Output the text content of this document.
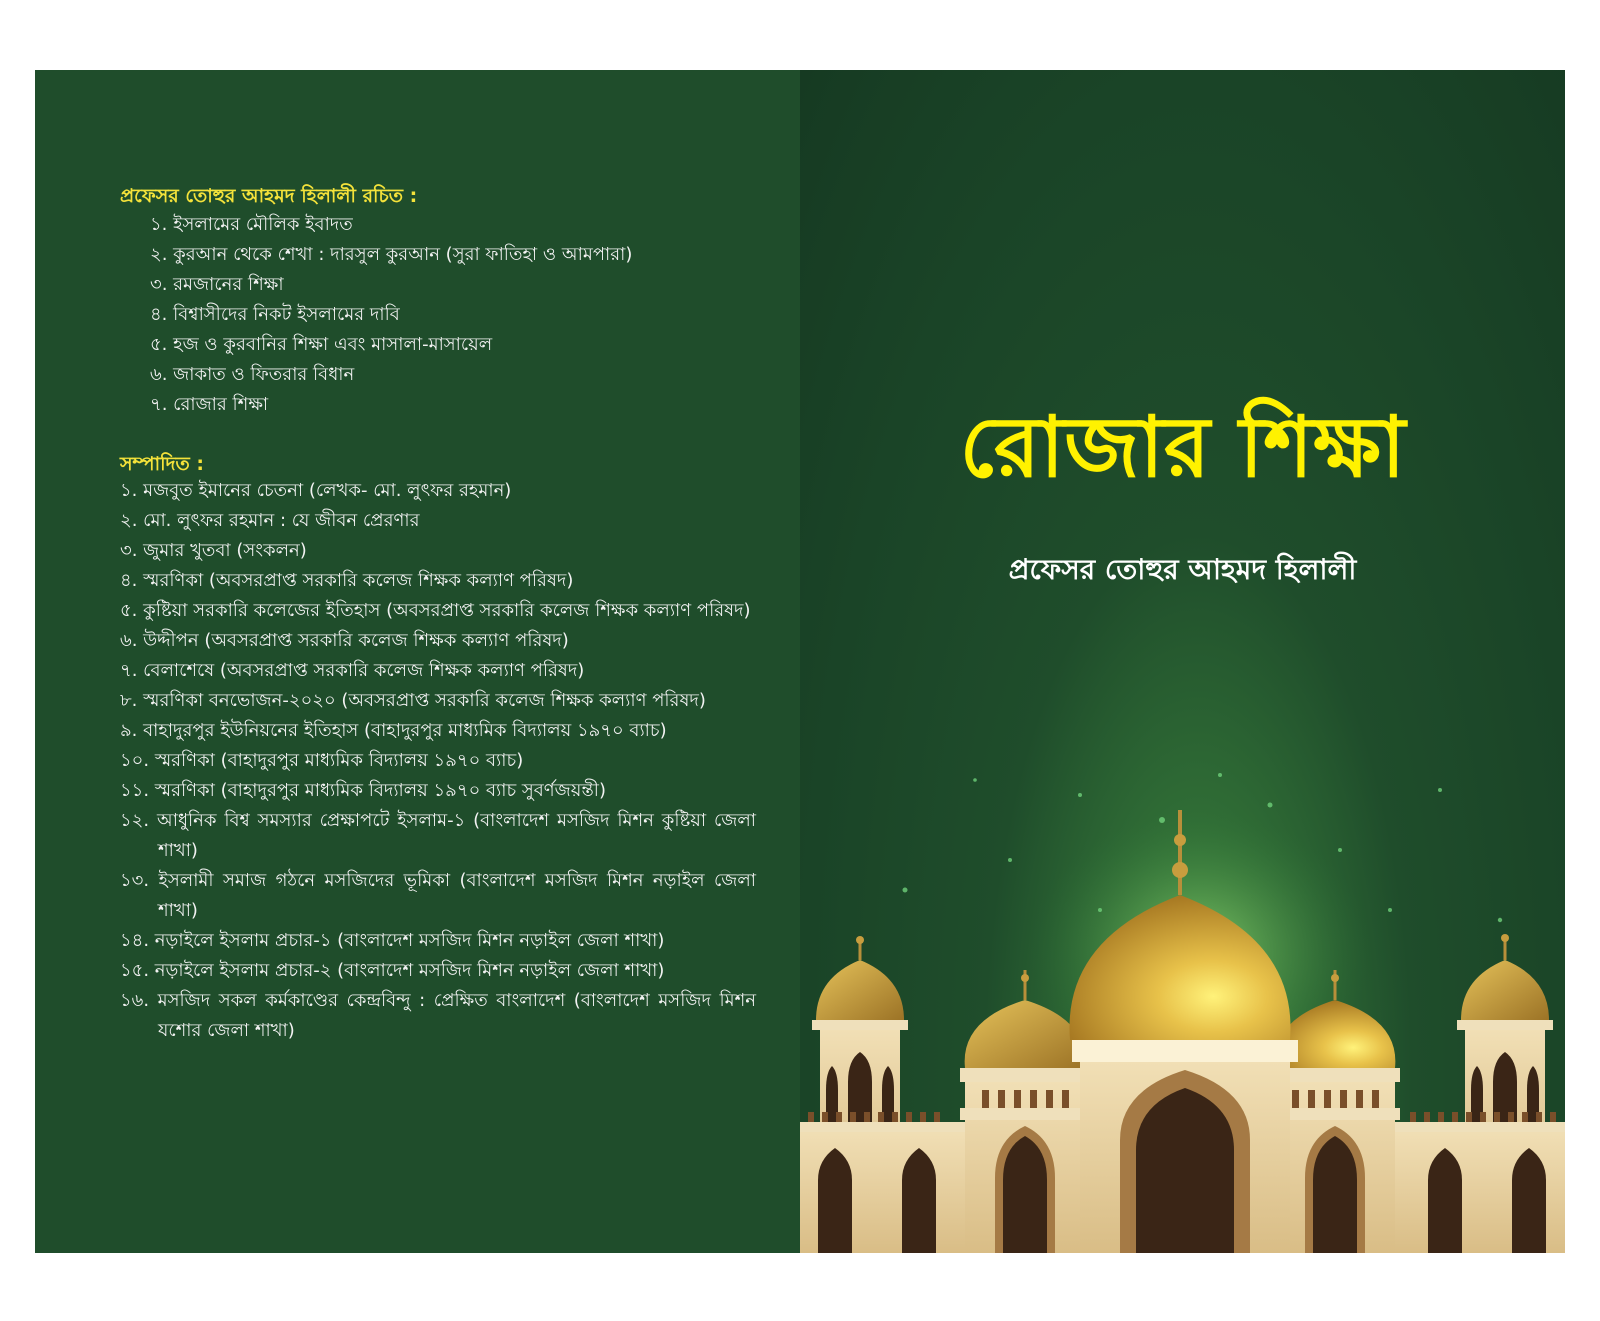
প্রফেসর তোহুর আহমদ হিলালী রচিত :
১. ইসলামের মৌলিক ইবাদত
২. কুরআন থেকে শেখা : দারসুল কুরআন (সুরা ফাতিহা ও আমপারা)
৩. রমজানের শিক্ষা
৪. বিশ্বাসীদের নিকট ইসলামের দাবি
৫. হজ ও কুরবানির শিক্ষা এবং মাসালা-মাসায়েল
৬. জাকাত ও ফিতরার বিধান
৭. রোজার শিক্ষা
সম্পাদিত :
১. মজবুত ইমানের চেতনা (লেখক- মো. লুৎফর রহমান)
২. মো. লুৎফর রহমান : যে জীবন প্রেরণার
৩. জুমার খুতবা (সংকলন)
৪. স্মরণিকা (অবসরপ্রাপ্ত সরকারি কলেজ শিক্ষক কল্যাণ পরিষদ)
৫. কুষ্টিয়া সরকারি কলেজের ইতিহাস (অবসরপ্রাপ্ত সরকারি কলেজ শিক্ষক কল্যাণ পরিষদ)
৬. উদ্দীপন (অবসরপ্রাপ্ত সরকারি কলেজ শিক্ষক কল্যাণ পরিষদ)
৭. বেলাশেষে (অবসরপ্রাপ্ত সরকারি কলেজ শিক্ষক কল্যাণ পরিষদ)
৮. স্মরণিকা বনভোজন-২০২০ (অবসরপ্রাপ্ত সরকারি কলেজ শিক্ষক কল্যাণ পরিষদ)
৯. বাহাদুরপুর ইউনিয়নের ইতিহাস (বাহাদুরপুর মাধ্যমিক বিদ্যালয় ১৯৭০ ব্যাচ)
১০. স্মরণিকা (বাহাদুরপুর মাধ্যমিক বিদ্যালয় ১৯৭০ ব্যাচ)
১১. স্মরণিকা (বাহাদুরপুর মাধ্যমিক বিদ্যালয় ১৯৭০ ব্যাচ সুবর্ণজয়ন্তী)
১২. আধুনিক বিশ্ব সমস্যার প্রেক্ষাপটে ইসলাম-১ (বাংলাদেশ মসজিদ মিশন কুষ্টিয়া জেলা শাখা)
১৩. ইসলামী সমাজ গঠনে মসজিদের ভূমিকা (বাংলাদেশ মসজিদ মিশন নড়াইল জেলা শাখা)
১৪. নড়াইলে ইসলাম প্রচার-১ (বাংলাদেশ মসজিদ মিশন নড়াইল জেলা শাখা)
১৫. নড়াইলে ইসলাম প্রচার-২ (বাংলাদেশ মসজিদ মিশন নড়াইল জেলা শাখা)
১৬. মসজিদ সকল কর্মকাণ্ডের কেন্দ্রবিন্দু : প্রেক্ষিত বাংলাদেশ (বাংলাদেশ মসজিদ মিশন যশোর জেলা শাখা)
রোজার শিক্ষা
প্রফেসর তোহুর আহমদ হিলালী
